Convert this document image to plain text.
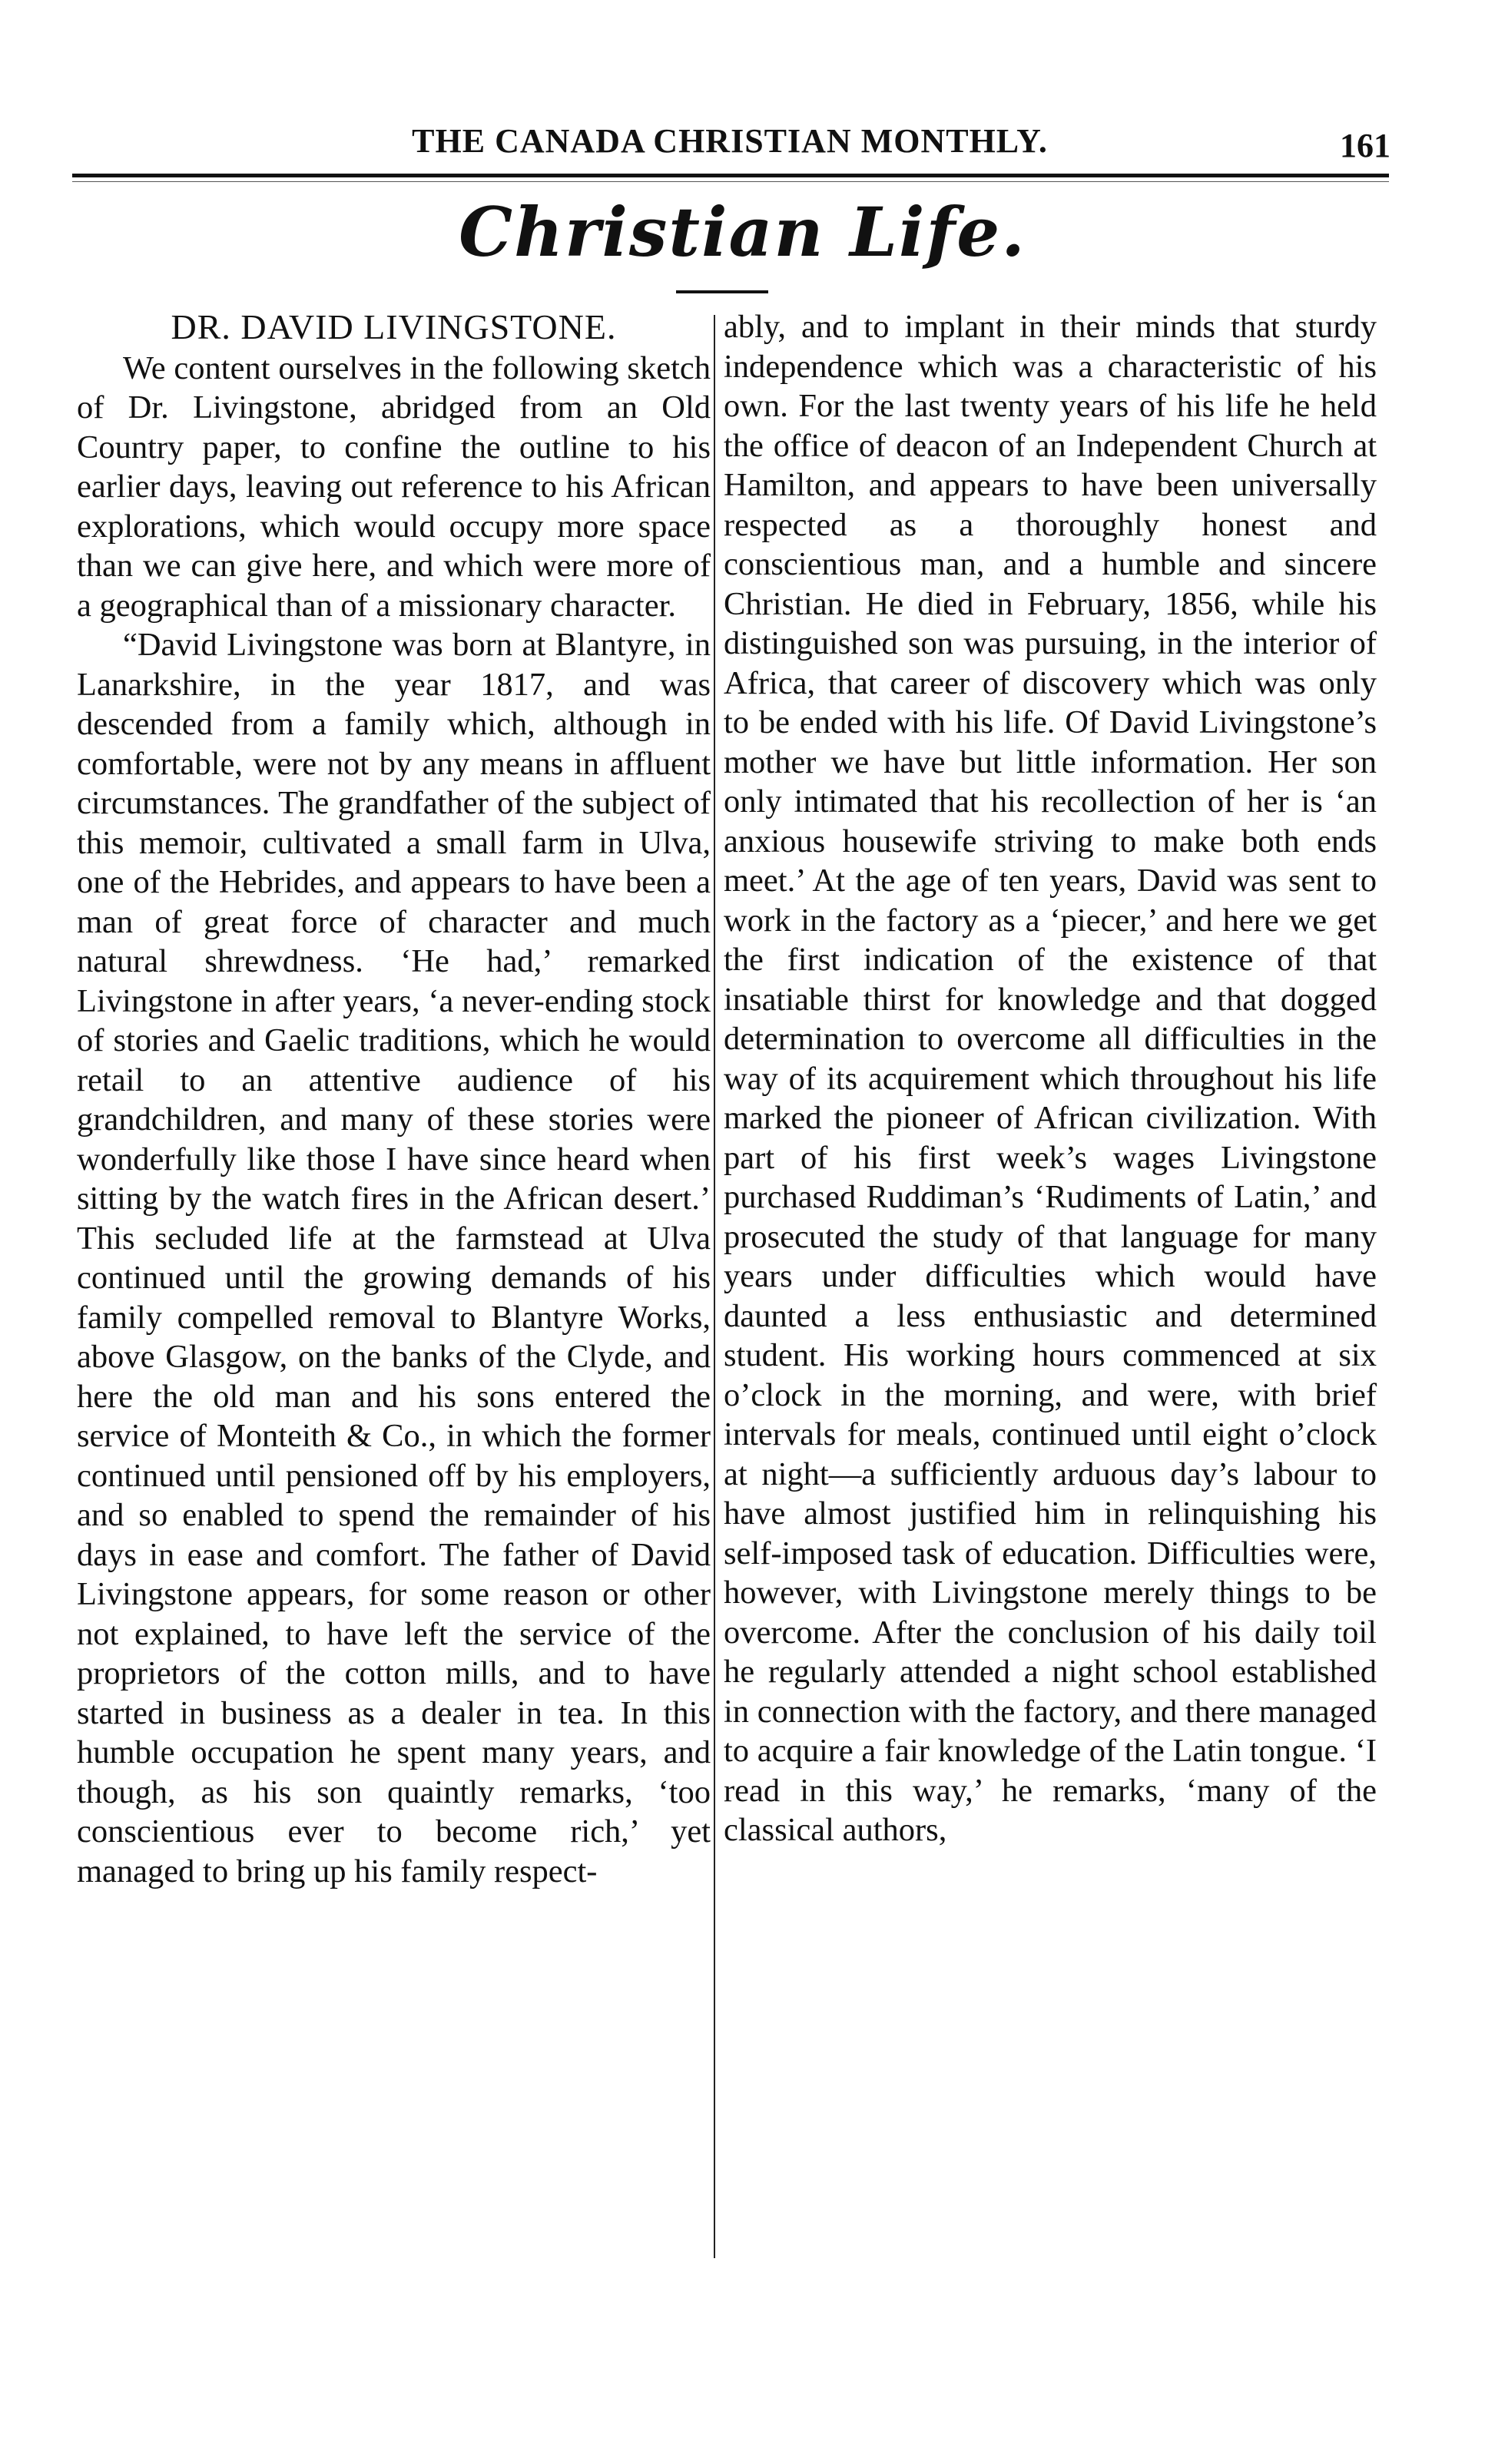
THE CANADA CHRISTIAN MONTHLY.	161
Christian Life.
DR. DAVID LIVINGSTONE.

We content ourselves in the following sketch of Dr. Livingstone, abridged from an Old Country paper, to confine the outline to his earlier days, leaving out reference to his African explorations, which would occupy more space than we can give here, and which were more of a geographical than of a missionary character.

“David Livingstone was born at Blantyre, in Lanarkshire, in the year 1817, and was descended from a family which, although in comfortable, were not by any means in affluent circumstances. The grandfather of the subject of this memoir, cultivated a small farm in Ulva, one of the Hebrides, and appears to have been a man of great force of character and much natural shrewdness. ‘He had,’ remarked Livingstone in after years, ‘a never-ending stock of stories and Gaelic traditions, which he would retail to an attentive audience of his grandchildren, and many of these stories were wonderfully like those I have since heard when sitting by the watch fires in the African desert.’ This secluded life at the farmstead at Ulva continued until the growing demands of his family compelled removal to Blantyre Works, above Glasgow, on the banks of the Clyde, and here the old man and his sons entered the service of Monteith & Co., in which the former continued until pensioned off by his employers, and so enabled to spend the remainder of his days in ease and comfort. The father of David Livingstone appears, for some reason or other not explained, to have left the service of the proprietors of the cotton mills, and to have started in business as a dealer in tea. In this humble occupation he spent many years, and though, as his son quaintly remarks, ‘too conscientious ever to become rich,’ yet managed to bring up his family respect-

ably, and to implant in their minds that sturdy independence which was a characteristic of his own. For the last twenty years of his life he held the office of deacon of an Independent Church at Hamilton, and appears to have been universally respected as a thoroughly honest and conscientious man, and a humble and sincere Christian. He died in February, 1856, while his distinguished son was pursuing, in the interior of Africa, that career of discovery which was only to be ended with his life. Of David Livingstone’s mother we have but little information. Her son only intimated that his recollection of her is ‘an anxious housewife striving to make both ends meet.’ At the age of ten years, David was sent to work in the factory as a ‘piecer,’ and here we get the first indication of the existence of that insatiable thirst for knowledge and that dogged determination to overcome all difficulties in the way of its acquirement which throughout his life marked the pioneer of African civilization. With part of his first week’s wages Livingstone purchased Ruddiman’s ‘Rudiments of Latin,’ and prosecuted the study of that language for many years under difficulties which would have daunted a less enthusiastic and determined student. His working hours commenced at six o’clock in the morning, and were, with brief intervals for meals, continued until eight o’clock at night—a sufficiently arduous day’s labour to have almost justified him in relinquishing his self-imposed task of education. Difficulties were, however, with Livingstone merely things to be overcome. After the conclusion of his daily toil he regularly attended a night school established in connection with the factory, and there managed to acquire a fair knowledge of the Latin tongue. ‘I read in this way,’ he remarks, ‘many of the classical authors,
